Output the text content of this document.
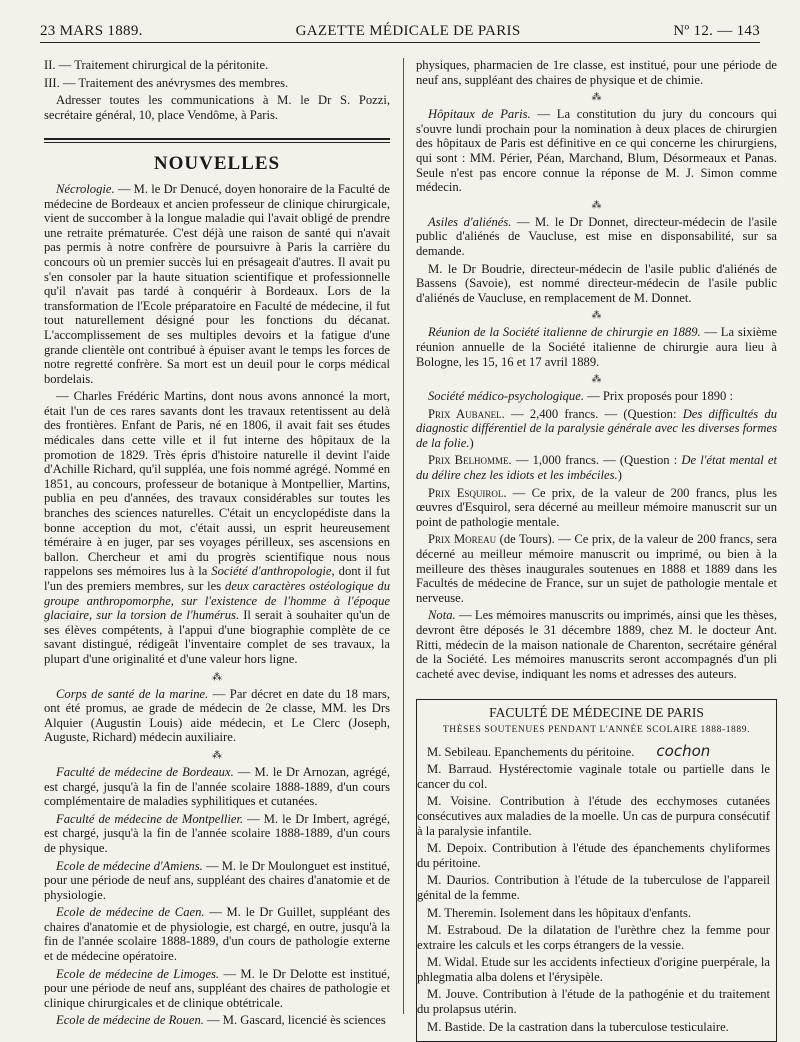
23 MARS 1889.	GAZETTE MÉDICALE DE PARIS	Nº 12. — 143

II. — Traitement chirurgical de la péritonite.

III. — Traitement des anévrysmes des membres.

Adresser toutes les communications à M. le Dr S. Pozzi, secrétaire général, 10, place Vendôme, à Paris.

NOUVELLES

Nécrologie. — M. le Dr Denucé, doyen honoraire de la Faculté de médecine de Bordeaux et ancien professeur de clinique chirurgicale, vient de succomber à la longue maladie qui l'avait obligé de prendre une retraite prématurée. C'est déjà une raison de santé qui n'avait pas permis à notre confrère de poursuivre à Paris la carrière du concours où un premier succès lui en présageait d'autres. Il avait pu s'en consoler par la haute situation scientifique et professionnelle qu'il n'avait pas tardé à conquérir à Bordeaux. Lors de la transformation de l'Ecole préparatoire en Faculté de médecine, il fut tout naturellement désigné pour les fonctions du décanat. L'accomplissement de ses multiples devoirs et la fatigue d'une grande clientèle ont contribué à épuiser avant le temps les forces de notre regretté confrère. Sa mort est un deuil pour le corps médical bordelais.

— Charles Frédéric Martins, dont nous avons annoncé la mort, était l'un de ces rares savants dont les travaux retentissent au delà des frontières. Enfant de Paris, né en 1806, il avait fait ses études médicales dans cette ville et il fut interne des hôpitaux de la promotion de 1829. Très épris d'histoire naturelle il devint l'aide d'Achille Richard, qu'il suppléa, une fois nommé agrégé. Nommé en 1851, au concours, professeur de botanique à Montpellier, Martins, publia en peu d'années, des travaux considérables sur toutes les branches des sciences naturelles. C'était un encyclopédiste dans la bonne acception du mot, c'était aussi, un esprit heureusement téméraire à en juger, par ses voyages périlleux, ses ascensions en ballon. Chercheur et ami du progrès scientifique nous nous rappelons ses mémoires lus à la Société d'anthropologie, dont il fut l'un des premiers membres, sur les deux caractères ostéologique du groupe anthropomorphe, sur l'existence de l'homme à l'époque glaciaire, sur la torsion de l'humérus. Il serait à souhaiter qu'un de ses élèves compétents, à l'appui d'une biographie complète de ce savant distingué, rédigeât l'inventaire complet de ses travaux, la plupart d'une originalité et d'une valeur hors ligne.

⁂

Corps de santé de la marine. — Par décret en date du 18 mars, ont été promus, ae grade de médecin de 2e classe, MM. les Drs Alquier (Augustin Louis) aide médecin, et Le Clerc (Joseph, Auguste, Richard) médecin auxiliaire.

⁂

Faculté de médecine de Bordeaux. — M. le Dr Arnozan, agrégé, est chargé, jusqu'à la fin de l'année scolaire 1888-1889, d'un cours complémentaire de maladies syphilitiques et cutanées.

Faculté de médecine de Montpellier. — M. le Dr Imbert, agrégé, est chargé, jusqu'à la fin de l'année scolaire 1888-1889, d'un cours de physique.

Ecole de médecine d'Amiens. — M. le Dr Moulonguet est institué, pour une période de neuf ans, suppléant des chaires d'anatomie et de physiologie.

Ecole de médecine de Caen. — M. le Dr Guillet, suppléant des chaires d'anatomie et de physiologie, est chargé, en outre, jusqu'à la fin de l'année scolaire 1888-1889, d'un cours de pathologie externe et de médecine opératoire.

Ecole de médecine de Limoges. — M. le Dr Delotte est institué, pour une période de neuf ans, suppléant des chaires de pathologie et clinique chirurgicales et de clinique obtétricale.

Ecole de médecine de Rouen. — M. Gascard, licencié ès sciences

physiques, pharmacien de 1re classe, est institué, pour une période de neuf ans, suppléant des chaires de physique et de chimie.

⁂

Hôpitaux de Paris. — La constitution du jury du concours qui s'ouvre lundi prochain pour la nomination à deux places de chirurgien des hôpitaux de Paris est définitive en ce qui concerne les chirurgiens, qui sont : MM. Périer, Péan, Marchand, Blum, Désormeaux et Panas. Seule n'est pas encore connue la réponse de M. J. Simon comme médecin.

⁂

Asiles d'aliénés. — M. le Dr Donnet, directeur-médecin de l'asile public d'aliénés de Vaucluse, est mise en disponsabilité, sur sa demande.

M. le Dr Boudrie, directeur-médecin de l'asile public d'aliénés de Bassens (Savoie), est nommé directeur-médecin de l'asile public d'aliénés de Vaucluse, en remplacement de M. Donnet.

⁂

Réunion de la Société italienne de chirurgie en 1889. — La sixième réunion annuelle de la Société italienne de chirurgie aura lieu à Bologne, les 15, 16 et 17 avril 1889.

⁂

Société médico-psychologique. — Prix proposés pour 1890 :

Prix Aubanel. — 2,400 francs. — (Question: Des difficultés du diagnostic différentiel de la paralysie générale avec les diverses formes de la folie.)

Prix Belhomme. — 1,000 francs. — (Question : De l'état mental et du délire chez les idiots et les imbéciles.)

Prix Esquirol. — Ce prix, de la valeur de 200 francs, plus les œuvres d'Esquirol, sera décerné au meilleur mémoire manuscrit sur un point de pathologie mentale.

Prix Moreau (de Tours). — Ce prix, de la valeur de 200 francs, sera décerné au meilleur mémoire manuscrit ou imprimé, ou bien à la meilleure des thèses inaugurales soutenues en 1888 et 1889 dans les Facultés de médecine de France, sur un sujet de pathologie mentale et nerveuse.

Nota. — Les mémoires manuscrits ou imprimés, ainsi que les thèses, devront être déposés le 31 décembre 1889, chez M. le docteur Ant. Ritti, médecin de la maison nationale de Charenton, secrétaire général de la Société. Les mémoires manuscrits seront accompagnés d'un pli cacheté avec devise, indiquant les noms et adresses des auteurs.

FACULTÉ DE MÉDECINE DE PARIS
THÈSES SOUTENUES PENDANT L'ANNÉE SCOLAIRE 1888-1889.

M. Sebileau. Epanchements du péritoine. cochon

M. Barraud. Hystérectomie vaginale totale ou partielle dans le cancer du col.

M. Voisine. Contribution à l'étude des ecchymoses cutanées consécutives aux maladies de la moelle. Un cas de purpura consécutif à la paralysie infantile.

M. Depoix. Contribution à l'étude des épanchements chyliformes du péritoine.

M. Daurios. Contribution à l'étude de la tuberculose de l'appareil génital de la femme.

M. Theremin. Isolement dans les hôpitaux d'enfants.

M. Estraboud. De la dilatation de l'urèthre chez la femme pour extraire les calculs et les corps étrangers de la vessie.

M. Widal. Etude sur les accidents infectieux d'origine puerpérale, la phlegmatia alba dolens et l'érysipèle.

M. Jouve. Contribution à l'étude de la pathogénie et du traitement du prolapsus utérin.

M. Bastide. De la castration dans la tuberculose testiculaire.
